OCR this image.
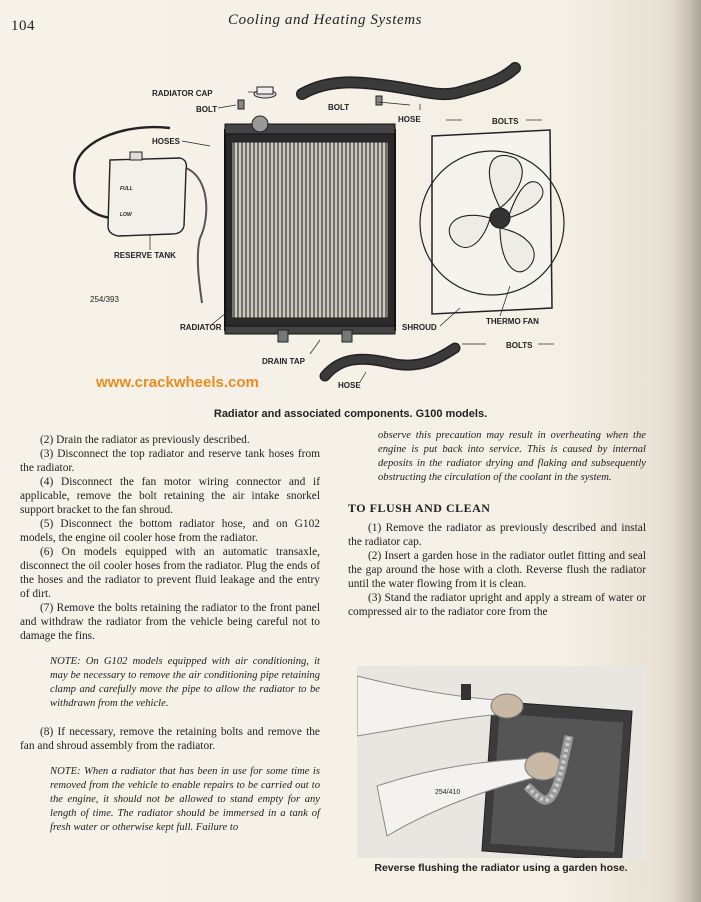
104	Cooling and Heating Systems
FULL
LOW
RADIATOR CAP
BOLT
HOSES
BOLT
HOSE	BOLTS
RESERVE TANK
254/393
RADIATOR	SHROUD
THERMO FAN
DRAIN TAP
BOLTS
HOSE
www.crackwheels.com
Radiator and associated components. G100 models.

(2) Drain the radiator as previously described.

(3) Disconnect the top radiator and reserve tank hoses from the radiator.

(4) Disconnect the fan motor wiring connector and if applicable, remove the bolt retaining the air intake snorkel support bracket to the fan shroud.

(5) Disconnect the bottom radiator hose, and on G102 models, the engine oil cooler hose from the radiator.

(6) On models equipped with an automatic transaxle, disconnect the oil cooler hoses from the radiator. Plug the ends of the hoses and the radiator to prevent fluid leakage and the entry of dirt.

(7) Remove the bolts retaining the radiator to the front panel and withdraw the radiator from the vehicle being careful not to damage the fins.

NOTE: On G102 models equipped with air conditioning, it may be necessary to remove the air conditioning pipe retaining clamp and carefully move the pipe to allow the radiator to be withdrawn from the vehicle.

(8) If necessary, remove the retaining bolts and remove the fan and shroud assembly from the radiator.

NOTE: When a radiator that has been in use for some time is removed from the vehicle to enable repairs to be carried out to the engine, it should not be allowed to stand empty for any length of time. The radiator should be immersed in a tank of fresh water or otherwise kept full. Failure to

observe this precaution may result in overheating when the engine is put back into service. This is caused by internal deposits in the radiator drying and flaking and subsequently obstructing the circulation of the coolant in the system.

TO FLUSH AND CLEAN

(1) Remove the radiator as previously described and instal the radiator cap.

(2) Insert a garden hose in the radiator outlet fitting and seal the gap around the hose with a cloth. Reverse flush the radiator until the water flowing from it is clean.

(3) Stand the radiator upright and apply a stream of water or compressed air to the radiator core from the

254/410
Reverse flushing the radiator using a garden hose.
